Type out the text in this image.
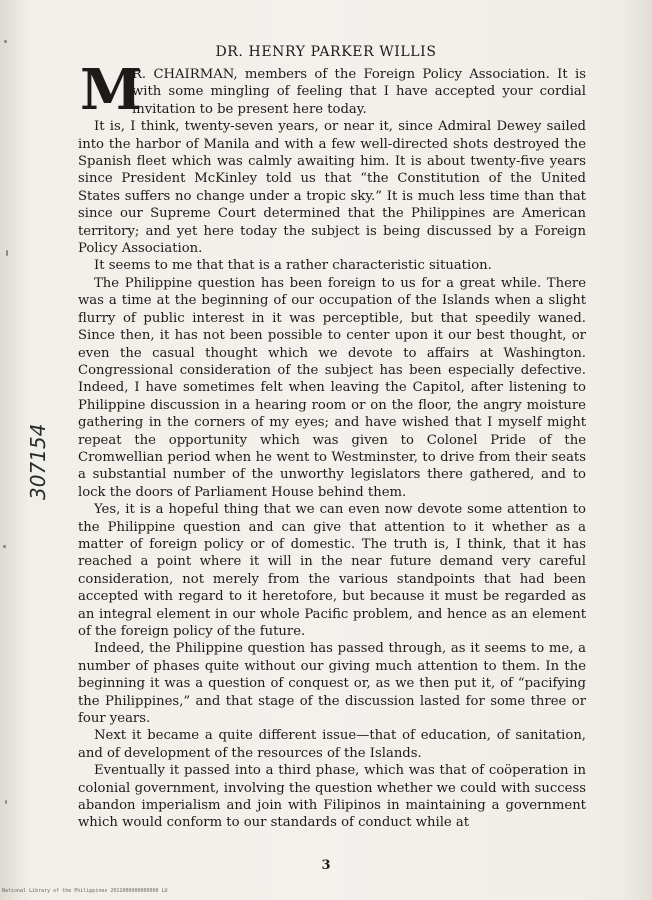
DR. HENRY PARKER WILLIS
M

R. CHAIRMAN, members of the Foreign Policy Association. It is with some mingling of feeling that I have accepted your cordial invitation to be present here today.

It is, I think, twenty-seven years, or near it, since Admiral Dewey sailed into the harbor of Manila and with a few well-directed shots destroyed the Spanish fleet which was calmly awaiting him. It is about twenty-five years since President McKinley told us that “the Constitution of the United States suffers no change under a tropic sky.” It is much less time than that since our Supreme Court determined that the Philippines are American territory; and yet here today the subject is being discussed by a Foreign Policy Association.

It seems to me that that is a rather characteristic situation.

The Philippine question has been foreign to us for a great while. There was a time at the beginning of our occupation of the Islands when a slight flurry of public interest in it was perceptible, but that speedily waned. Since then, it has not been possible to center upon it our best thought, or even the casual thought which we devote to affairs at Washington. Congressional consideration of the subject has been especially defective. Indeed, I have sometimes felt when leaving the Capitol, after listening to Philippine discussion in a hearing room or on the floor, the angry moisture gathering in the corners of my eyes; and have wished that I myself might repeat the opportunity which was given to Colonel Pride of the Cromwellian period when he went to Westminster, to drive from their seats a substantial number of the unworthy legislators there gathered, and to lock the doors of Parliament House behind them.

Yes, it is a hopeful thing that we can even now devote some attention to the Philippine question and can give that attention to it whether as a matter of foreign policy or of domestic. The truth is, I think, that it has reached a point where it will in the near future demand very careful consideration, not merely from the various standpoints that had been accepted with regard to it heretofore, but because it must be regarded as an integral element in our whole Pacific problem, and hence as an element of the foreign policy of the future.

Indeed, the Philippine question has passed through, as it seems to me, a number of phases quite without our giving much attention to them. In the beginning it was a question of conquest or, as we then put it, of “pacifying the Philippines,” and that stage of the discussion lasted for some three or four years.

Next it became a quite different issue—that of education, of sanitation, and of development of the resources of the Islands.

Eventually it passed into a third phase, which was that of coöperation in colonial government, involving the question whether we could with success abandon imperialism and join with Filipinos in maintaining a government which would conform to our standards of conduct while at

307154
3
National Library of the Philippines 2011000000000000 LU
